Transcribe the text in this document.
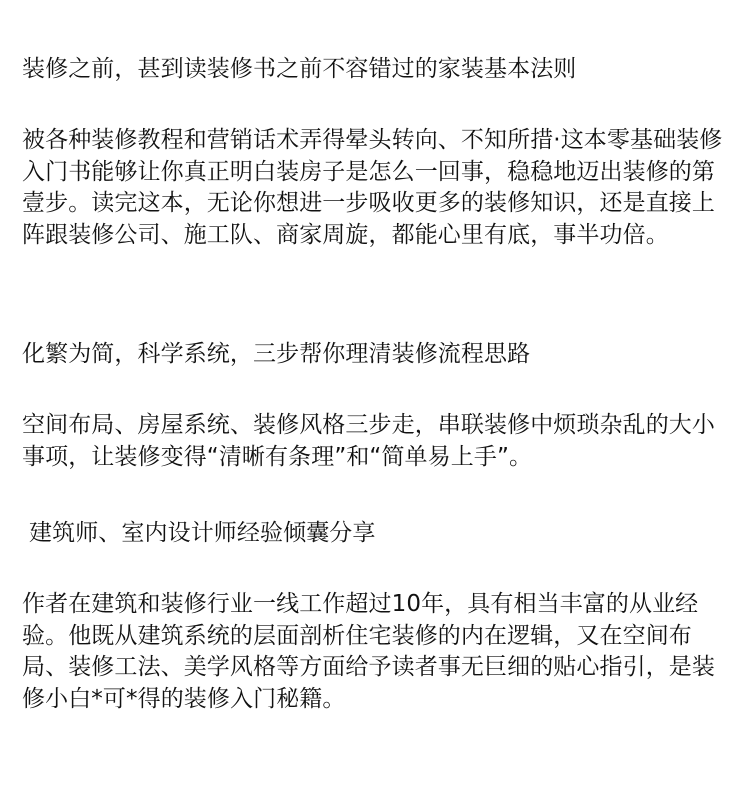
装修之前，甚到读装修书之前不容错过的家装基本法则

被各种装修教程和营销话术弄得晕头转向、不知所措·这本零基础装修入门书能够让你真正明白装房子是怎么一回事，稳稳地迈出装修的第壹步。读完这本，无论你想进一步吸收更多的装修知识，还是直接上阵跟装修公司、施工队、商家周旋，都能心里有底，事半功倍。

化繁为简，科学系统，三步帮你理清装修流程思路

空间布局、房屋系统、装修风格三步走，串联装修中烦琐杂乱的大小事项，让装修变得“清晰有条理”和“简单易上手”。

建筑师、室内设计师经验倾囊分享

作者在建筑和装修行业一线工作超过10年，具有相当丰富的从业经验。他既从建筑系统的层面剖析住宅装修的内在逻辑，又在空间布局、装修工法、美学风格等方面给予读者事无巨细的贴心指引，是装修小白*可*得的装修入门秘籍。
